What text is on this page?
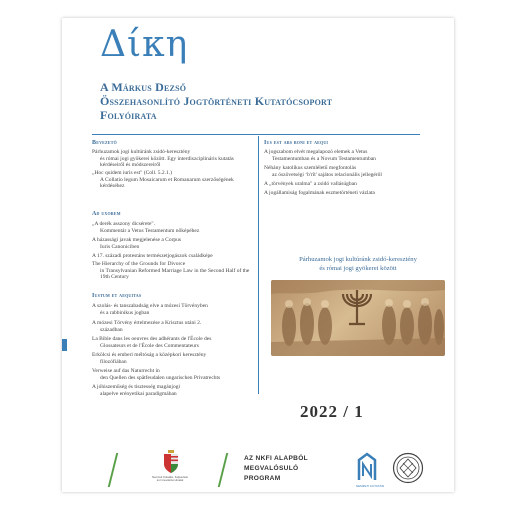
Δίκη
A Márkus Dezső
Összehasonlító Jogtörténeti Kutatócsoport
Folyóirata
Bevezető
Párhuzamok jogi kultúránk zsidó-keresztény
és római jogi gyökerei között. Egy interdiszciplináris kutatás kérdéseiről és módszereiről
„Hoc quidem iuris est" (Coll. 5.2.1.)
A Collatio legum Mosaicarum et Romanarum szerzőségének kérdéséhez
Ad uxorem
„A derék asszony dicsérete".
Kommentár a Vetus Testamentum nőképéhez
A házassági javak megjelenése a Corpus
Iuris Canoniciben
A 17. századi protestáns természetjogászok családképe
The Hierarchy of the Grounds for Divorce
in Transylvanian Reformed Marriage Law in the Second Half of the 19th Century
Iustum et aequitas
A szolás- és tanszabadság elve a mózesi Törvényben
és a rabbinikus jogban
A mózesi Törvény értelmezése a Krisztus utáni 2.
században
La Bible dans les oeuvres des adhérants de l'École des
Glossateurs et de l'École des Commentateurs
Erkölcsi és emberi méltóság a középkori keresztény
filozófiában
Verweise auf das Naturrecht in
den Quellen des spätfeudalen ungarischen Privatrechts
A jóhiszeműség és tisztesség magánjogi
alapelve erényetikai paradigmában
Ius est ars boni et aequi
A jogszabom elvét megalapozó elemek a Vetus
Testamentumban és a Novum Testamentumban
Néhány katolikus szemléletű megfontolás
az ószövetségi ‘b'rît' sajátos relacionális jellegéről
A „törvények uralma" a zsidó vallásúgban
A jogállamiság fogalmának eszmetörténeti vázlata
Párhuzamok jogi kultúránk zsidó-keresztény
és római jogi gyökerei között
2022 / 1
Nemzeti Kutatási, Fejlesztési
és Innovációs Hivatal
AZ NKFI ALAPBÓL
MEGVALÓSULÓ
PROGRAM
NEMZETI KUTATÁSI
